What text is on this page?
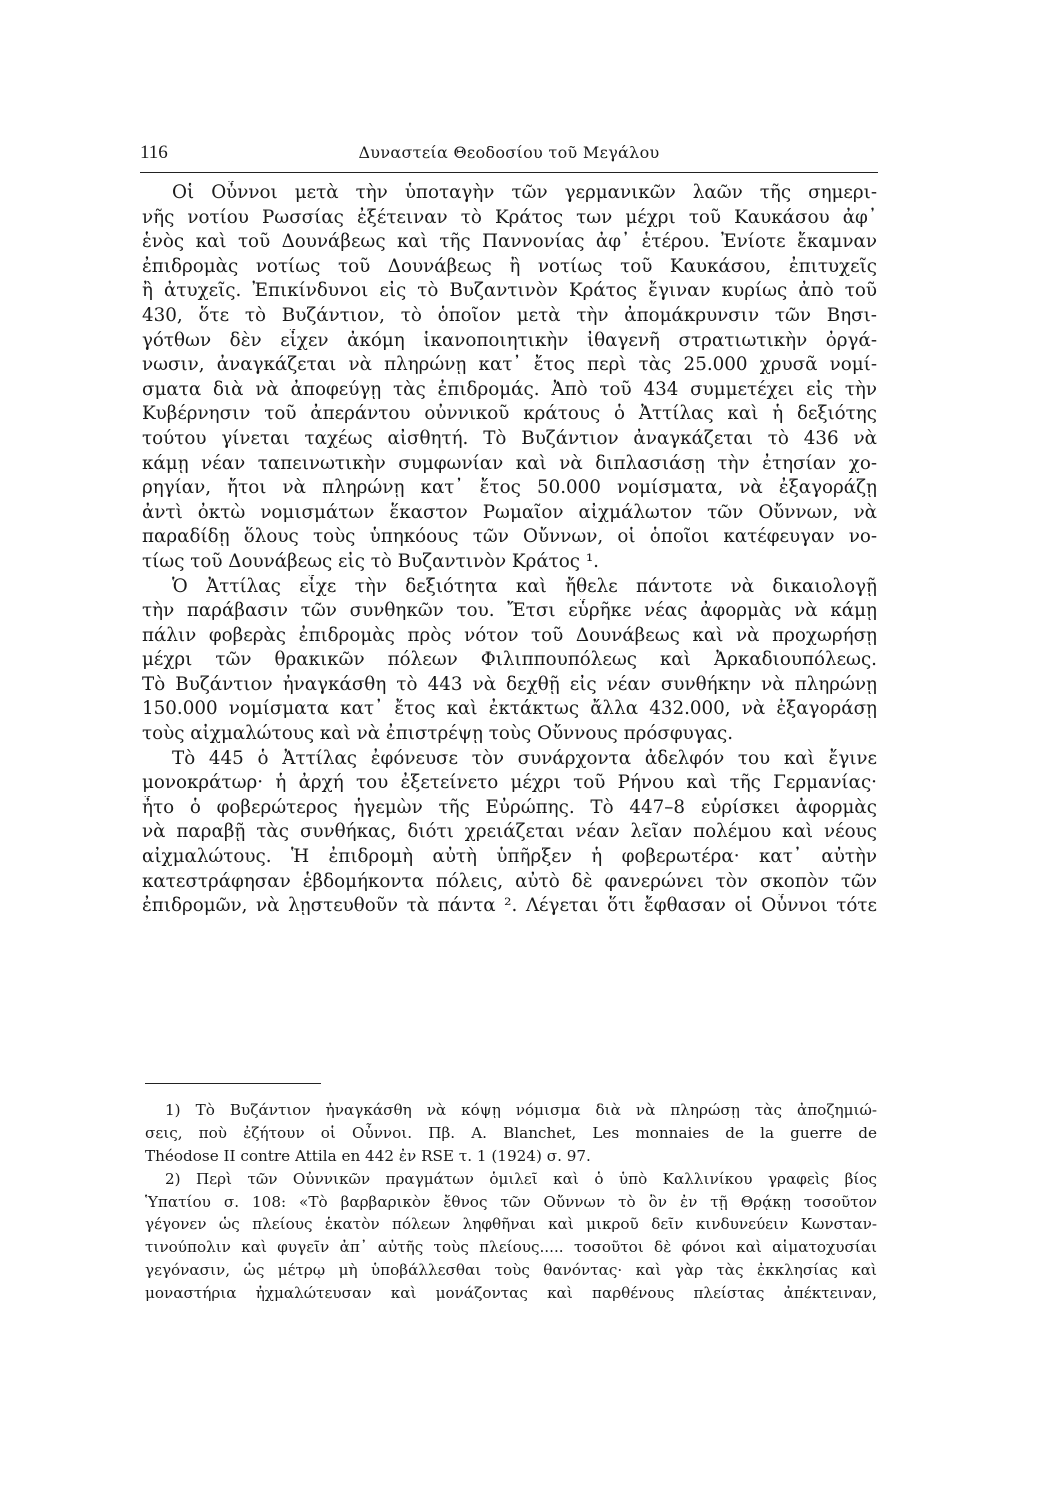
116	Δυναστεία Θεοδοσίου τοῦ Μεγάλου
Οἱ Οὖννοι μετὰ τὴν ὑποταγὴν τῶν γερμανικῶν λαῶν τῆς σημερι-
νῆς νοτίου Ρωσσίας ἐξέτειναν τὸ Κράτος των μέχρι τοῦ Καυκάσου ἀφ᾽
ἑνὸς καὶ τοῦ Δουνάβεως καὶ τῆς Παννονίας ἀφ᾽ ἑτέρου. Ἐνίοτε ἔκαμναν
ἐπιδρομὰς νοτίως τοῦ Δουνάβεως ἢ νοτίως τοῦ Καυκάσου, ἐπιτυχεῖς
ἢ ἀτυχεῖς. Ἐπικίνδυνοι εἰς τὸ Βυζαντινὸν Κράτος ἔγιναν κυρίως ἀπὸ τοῦ
430, ὅτε τὸ Βυζάντιον, τὸ ὁποῖον μετὰ τὴν ἀπομάκρυνσιν τῶν Βησι-
γότθων δὲν εἶχεν ἀκόμη ἱκανοποιητικὴν ἰθαγενῆ στρατιωτικὴν ὀργά-
νωσιν, ἀναγκάζεται νὰ πληρώνῃ κατ᾽ ἔτος περὶ τὰς 25.000 χρυσᾶ νομί-
σματα διὰ νὰ ἀποφεύγῃ τὰς ἐπιδρομάς. Ἀπὸ τοῦ 434 συμμετέχει εἰς τὴν
Κυβέρνησιν τοῦ ἀπεράντου οὐννικοῦ κράτους ὁ Ἀττίλας καὶ ἡ δεξιότης
τούτου γίνεται ταχέως αἰσθητή. Τὸ Βυζάντιον ἀναγκάζεται τὸ 436 νὰ
κάμῃ νέαν ταπεινωτικὴν συμφωνίαν καὶ νὰ διπλασιάσῃ τὴν ἐτησίαν χο-
ρηγίαν, ἤτοι νὰ πληρώνῃ κατ᾽ ἔτος 50.000 νομίσματα, νὰ ἐξαγοράζῃ
ἀντὶ ὀκτὼ νομισμάτων ἕκαστον Ρωμαῖον αἰχμάλωτον τῶν Οὔννων, νὰ
παραδίδῃ ὅλους τοὺς ὑπηκόους τῶν Οὔννων, οἱ ὁποῖοι κατέφευγαν νο-
τίως τοῦ Δουνάβεως εἰς τὸ Βυζαντινὸν Κράτος ¹.
Ὁ Ἀττίλας εἶχε τὴν δεξιότητα καὶ ἤθελε πάντοτε νὰ δικαιολογῇ
τὴν παράβασιν τῶν συνθηκῶν του. Ἔτσι εὗρῆκε νέας ἀφορμὰς νὰ κάμῃ
πάλιν φοβερὰς ἐπιδρομὰς πρὸς νότον τοῦ Δουνάβεως καὶ νὰ προχωρήσῃ
μέχρι τῶν θρακικῶν πόλεων Φιλιππουπόλεως καὶ Ἀρκαδιουπόλεως.
Τὸ Βυζάντιον ἠναγκάσθη τὸ 443 νὰ δεχθῇ εἰς νέαν συνθήκην νὰ πληρώνῃ
150.000 νομίσματα κατ᾽ ἔτος καὶ ἐκτάκτως ἄλλα 432.000, νὰ ἐξαγοράσῃ
τοὺς αἰχμαλώτους καὶ νὰ ἐπιστρέψῃ τοὺς Οὔννους πρόσφυγας.
Τὸ 445 ὁ Ἀττίλας ἐφόνευσε τὸν συνάρχοντα ἀδελφόν του καὶ ἔγινε
μονοκράτωρ· ἡ ἀρχή του ἐξετείνετο μέχρι τοῦ Ρήνου καὶ τῆς Γερμανίας·
ἦτο ὁ φοβερώτερος ἡγεμὼν τῆς Εὐρώπης. Τὸ 447–8 εὑρίσκει ἀφορμὰς
νὰ παραβῇ τὰς συνθήκας, διότι χρειάζεται νέαν λεῖαν πολέμου καὶ νέους
αἰχμαλώτους. Ἡ ἐπιδρομὴ αὐτὴ ὑπῆρξεν ἡ φοβερωτέρα· κατ᾽ αὐτὴν
κατεστράφησαν ἑβδομήκοντα πόλεις, αὐτὸ δὲ φανερώνει τὸν σκοπὸν τῶν
ἐπιδρομῶν, νὰ λῃστευθοῦν τὰ πάντα ². Λέγεται ὅτι ἔφθασαν οἱ Οὖννοι τότε
1) Τὸ Βυζάντιον ἠναγκάσθη νὰ κόψῃ νόμισμα διὰ νὰ πληρώσῃ τὰς ἀποζημιώ-
σεις, ποὺ ἐζήτουν οἱ Οὖννοι. Πβ. A. Blanchet, Les monnaies de la guerre de
Théodose II contre Attila en 442 ἐν RSE τ. 1 (1924) σ. 97.
2) Περὶ τῶν Οὐννικῶν πραγμάτων ὁμιλεῖ καὶ ὁ ὑπὸ Καλλινίκου γραφεὶς βίος
Ὑπατίου σ. 108: «Τὸ βαρβαρικὸν ἔθνος τῶν Οὔννων τὸ ὂν ἐν τῇ Θρᾴκῃ τοσοῦτον
γέγονεν ὡς πλείους ἑκατὸν πόλεων ληφθῆναι καὶ μικροῦ δεῖν κινδυνεύειν Κωνσταν-
τινούπολιν καὶ φυγεῖν ἀπ᾽ αὐτῆς τοὺς πλείους..... τοσοῦτοι δὲ φόνοι καὶ αἱματοχυσίαι
γεγόνασιν, ὡς μέτρῳ μὴ ὑποβάλλεσθαι τοὺς θανόντας· καὶ γὰρ τὰς ἐκκλησίας καὶ
μοναστήρια ἠχμαλώτευσαν καὶ μονάζοντας καὶ παρθένους πλείστας ἀπέκτειναν,
